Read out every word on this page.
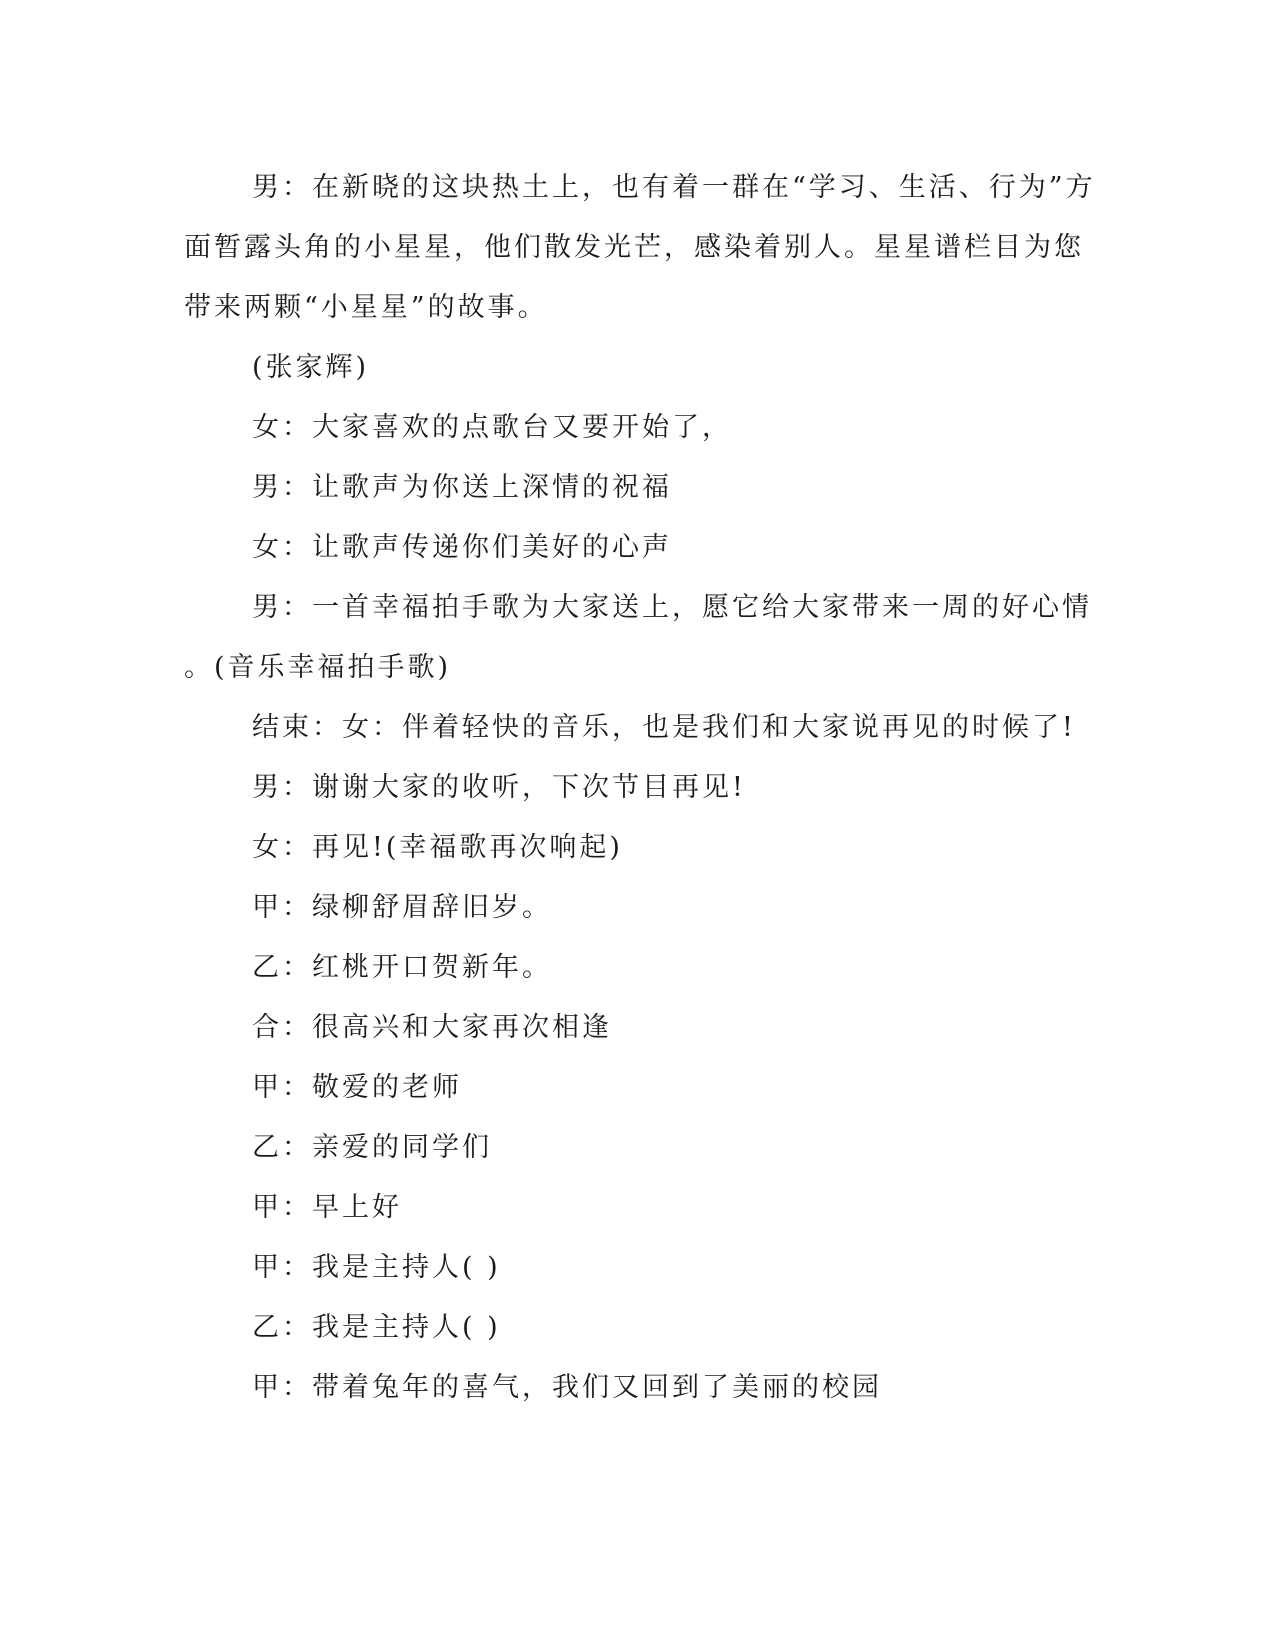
男：在新晓的这块热土上，也有着一群在“学习、生活、行为”方

面暂露头角的小星星，他们散发光芒，感染着别人。星星谱栏目为您

带来两颗“小星星”的故事。

(张家辉)

女：大家喜欢的点歌台又要开始了，

男：让歌声为你送上深情的祝福

女：让歌声传递你们美好的心声

男：一首幸福拍手歌为大家送上，愿它给大家带来一周的好心情

。(音乐幸福拍手歌)

结束：女：伴着轻快的音乐，也是我们和大家说再见的时候了!

男：谢谢大家的收听，下次节目再见!

女：再见!(幸福歌再次响起)

甲：绿柳舒眉辞旧岁。

乙：红桃开口贺新年。

合：很高兴和大家再次相逢

甲：敬爱的老师

乙：亲爱的同学们

甲：早上好

甲：我是主持人( )

乙：我是主持人( )

甲：带着兔年的喜气，我们又回到了美丽的校园
